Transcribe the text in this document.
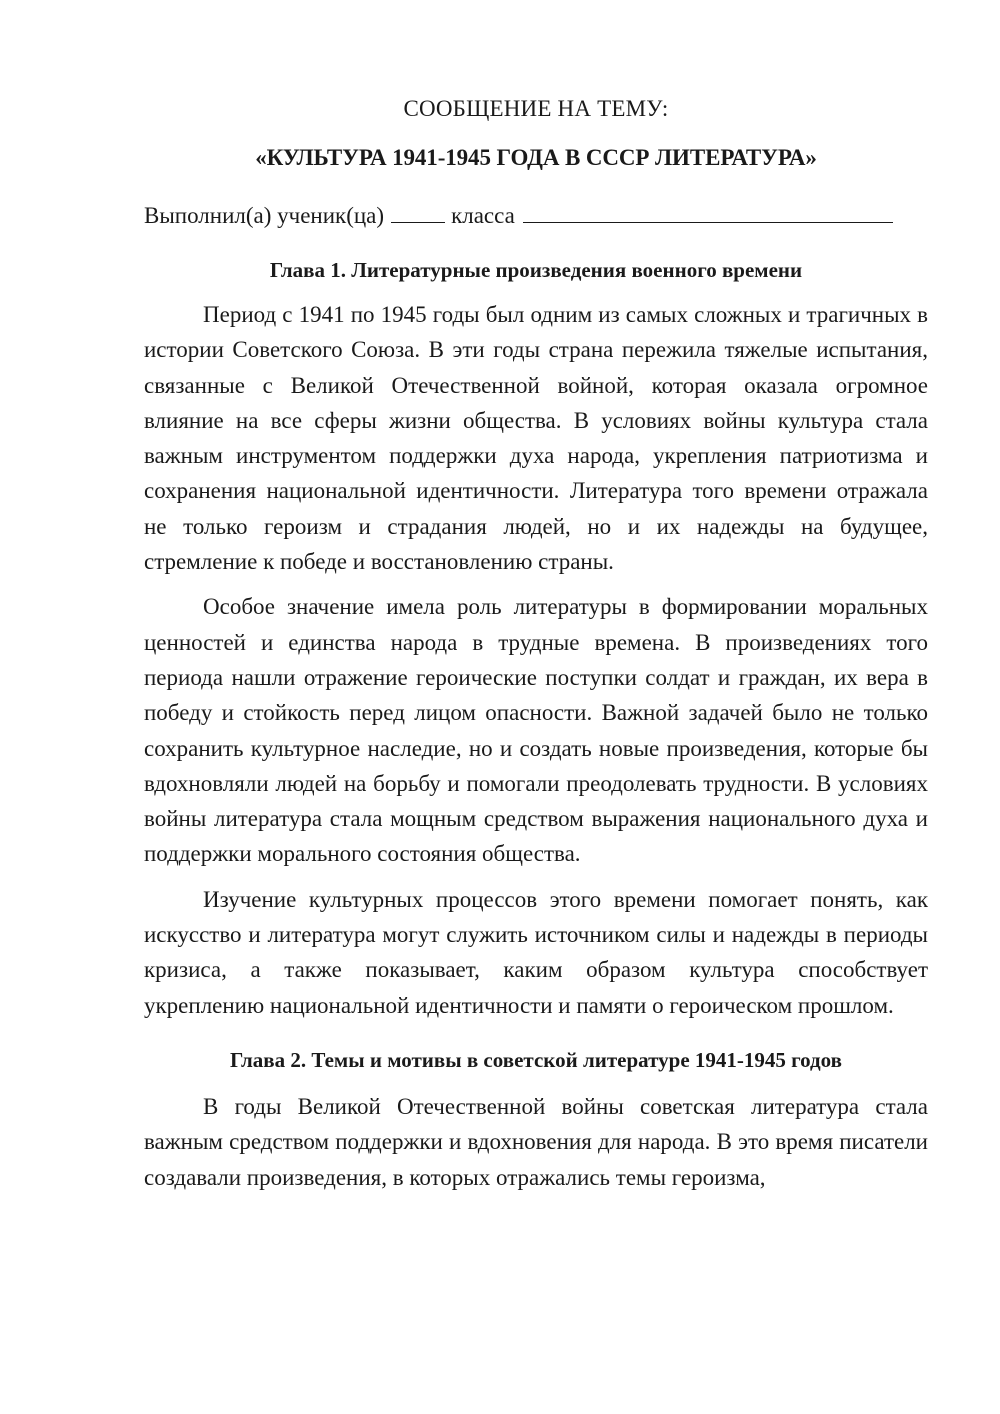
СООБЩЕНИЕ НА ТЕМУ:
«КУЛЬТУРА 1941-1945 ГОДА В СССР ЛИТЕРАТУРА»
Выполнил(а) ученик(ца)	класса
Глава 1. Литературные произведения военного времени

Период с 1941 по 1945 годы был одним из самых сложных и трагичных в истории Советского Союза. В эти годы страна пережила тяжелые испытания, связанные с Великой Отечественной войной, которая оказала огромное влияние на все сферы жизни общества. В условиях войны культура стала важным инструментом поддержки духа народа, укрепления патриотизма и сохранения национальной идентичности. Литература того времени отражала не только героизм и страдания людей, но и их надежды на будущее, стремление к победе и восстановлению страны.

Особое значение имела роль литературы в формировании моральных ценностей и единства народа в трудные времена. В произведениях того периода нашли отражение героические поступки солдат и граждан, их вера в победу и стойкость перед лицом опасности. Важной задачей было не только сохранить культурное наследие, но и создать новые произведения, которые бы вдохновляли людей на борьбу и помогали преодолевать трудности. В условиях войны литература стала мощным средством выражения национального духа и поддержки морального состояния общества.

Изучение культурных процессов этого времени помогает понять, как искусство и литература могут служить источником силы и надежды в периоды кризиса, а также показывает, каким образом культура способствует укреплению национальной идентичности и памяти о героическом прошлом.

Глава 2. Темы и мотивы в советской литературе 1941-1945 годов

В годы Великой Отечественной войны советская литература стала важным средством поддержки и вдохновения для народа. В это время писатели создавали произведения, в которых отражались темы героизма,
